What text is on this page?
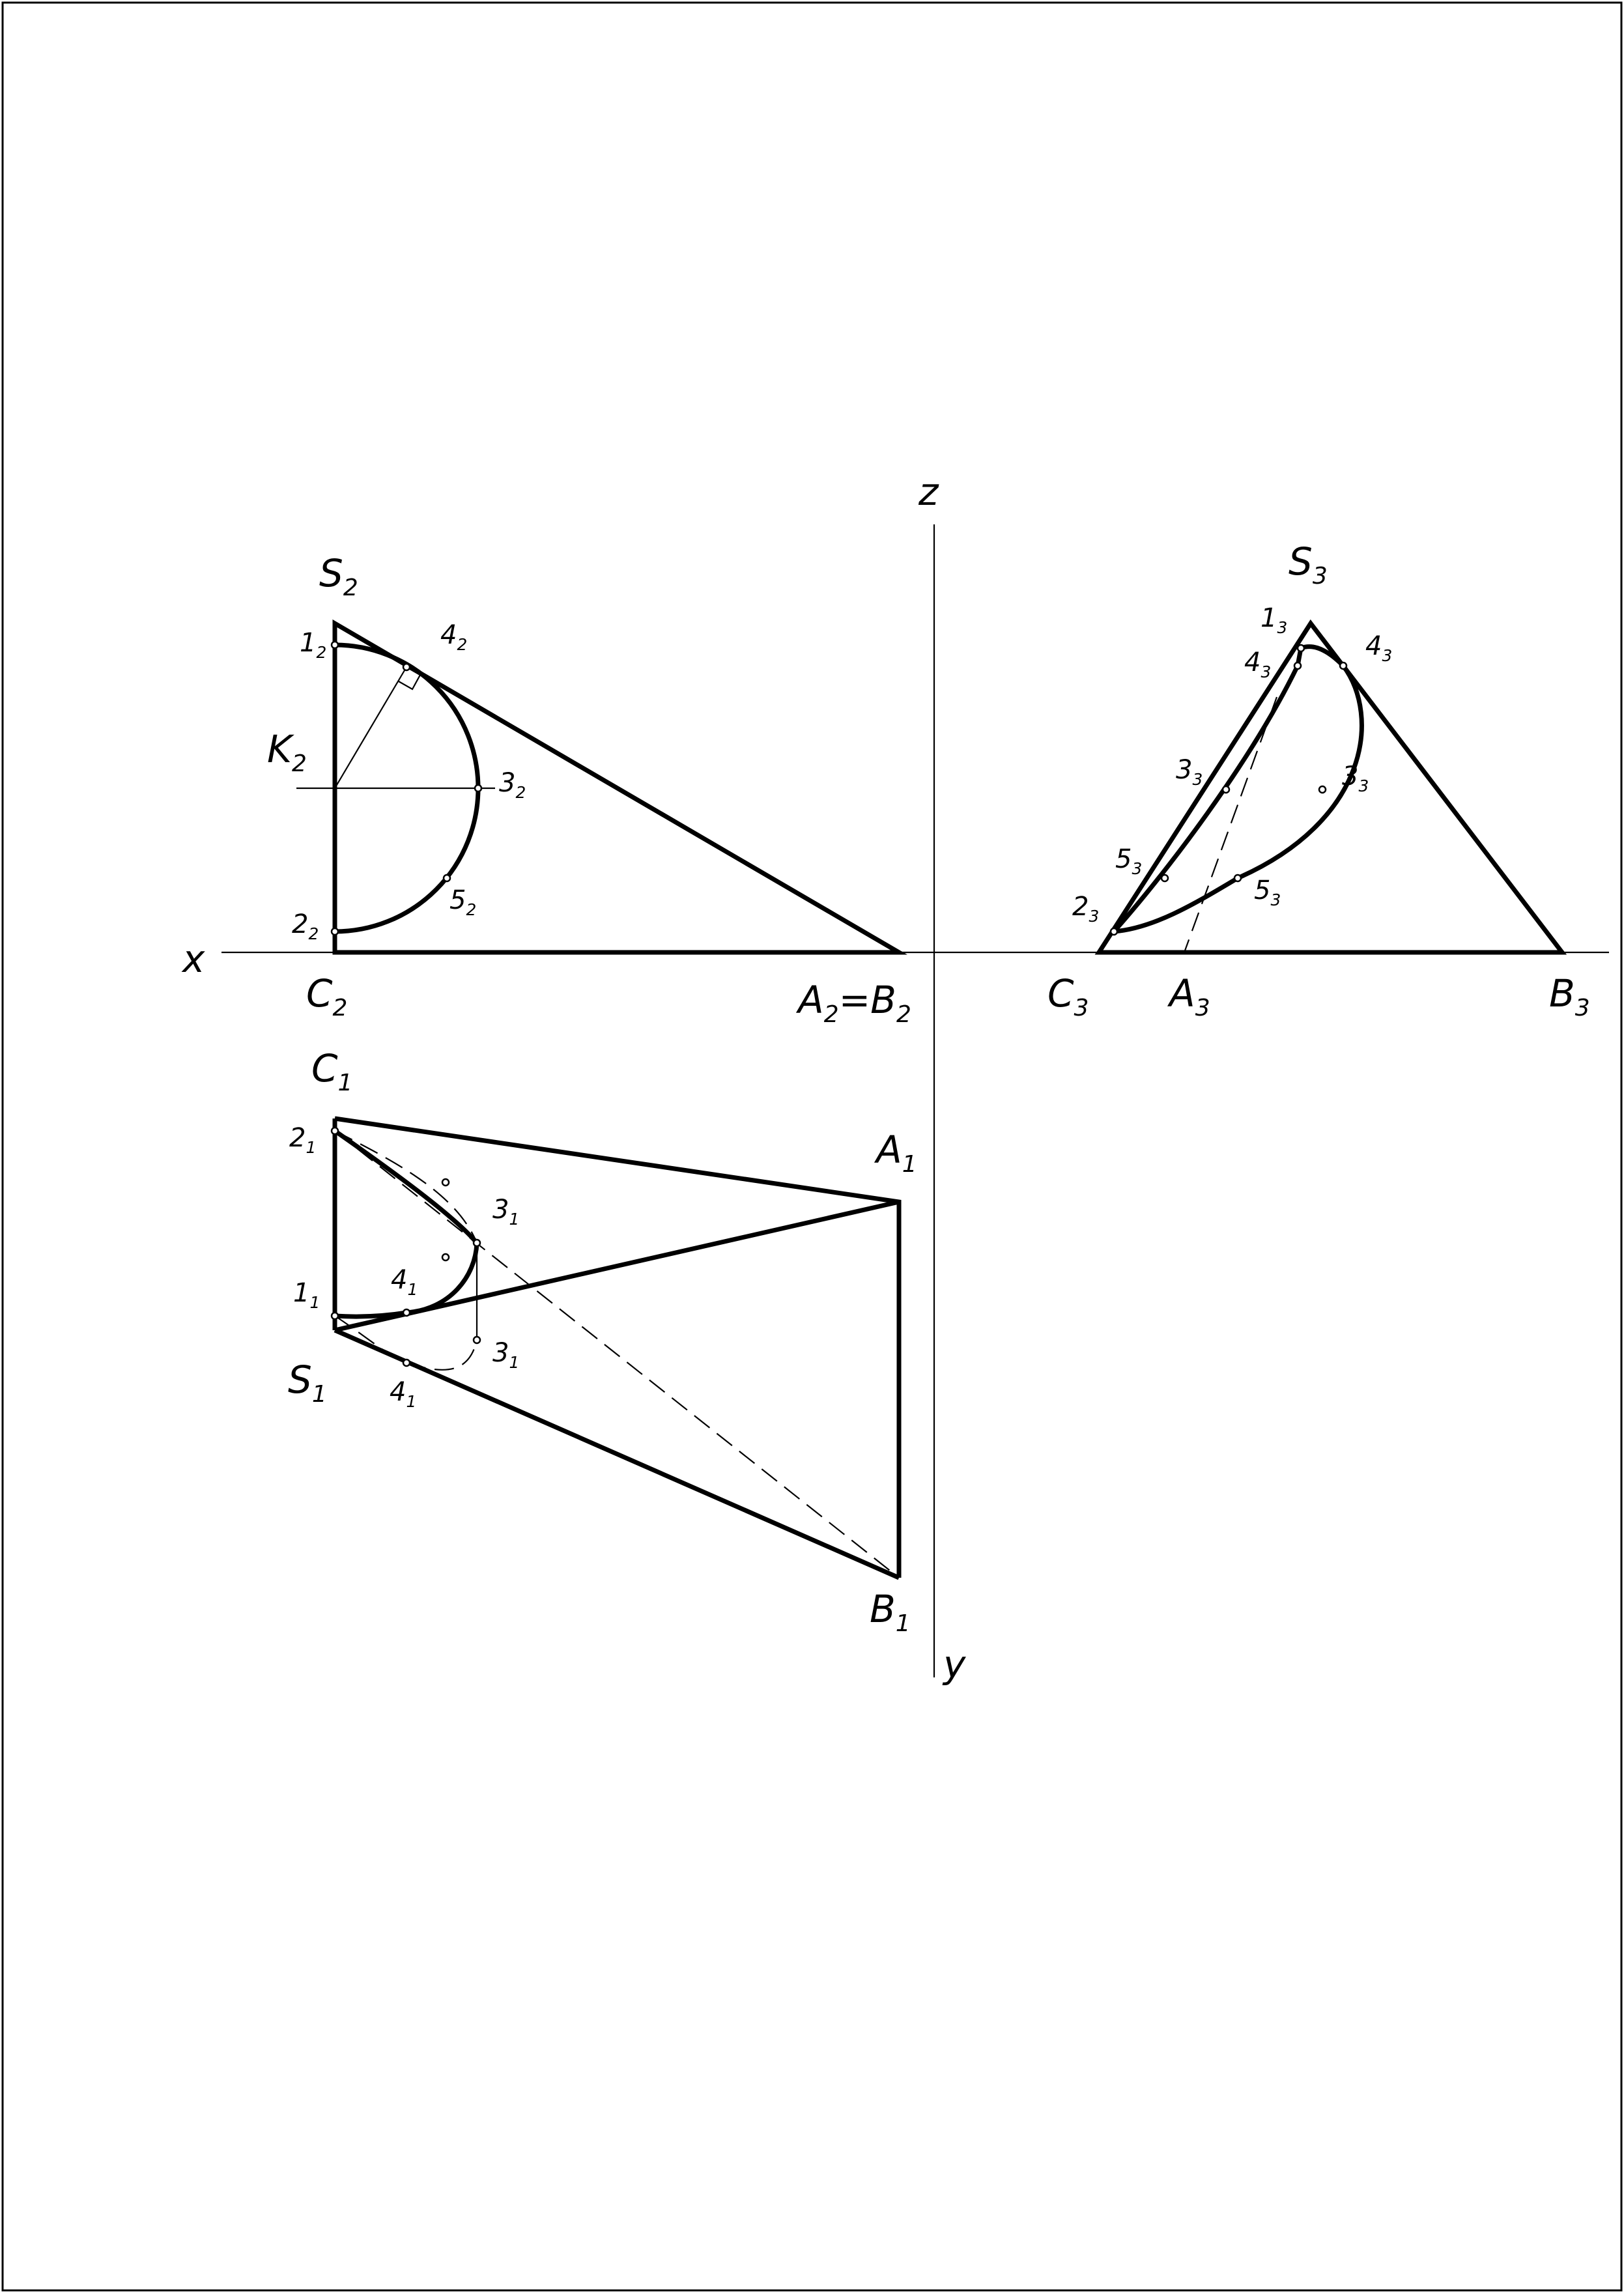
x
z
y
$S_2$
$K_2$
$C_2$	$A_2=B_2$
$1_2$
$2_2$
$3_2$
$4_2$
$5_2$
$S_3$
$C_3$ $A_3$	$B_3$
$1_3$
$4_3$
$4_3$
$3_3$	$3_3$
$5_3$
$5_3$
$2_3$
$C_1$
$A_1$
$S_1$
$B_1$
$2_1$
$3_1$
$1_1$
$4_1$
$3_1$
$4_1$
